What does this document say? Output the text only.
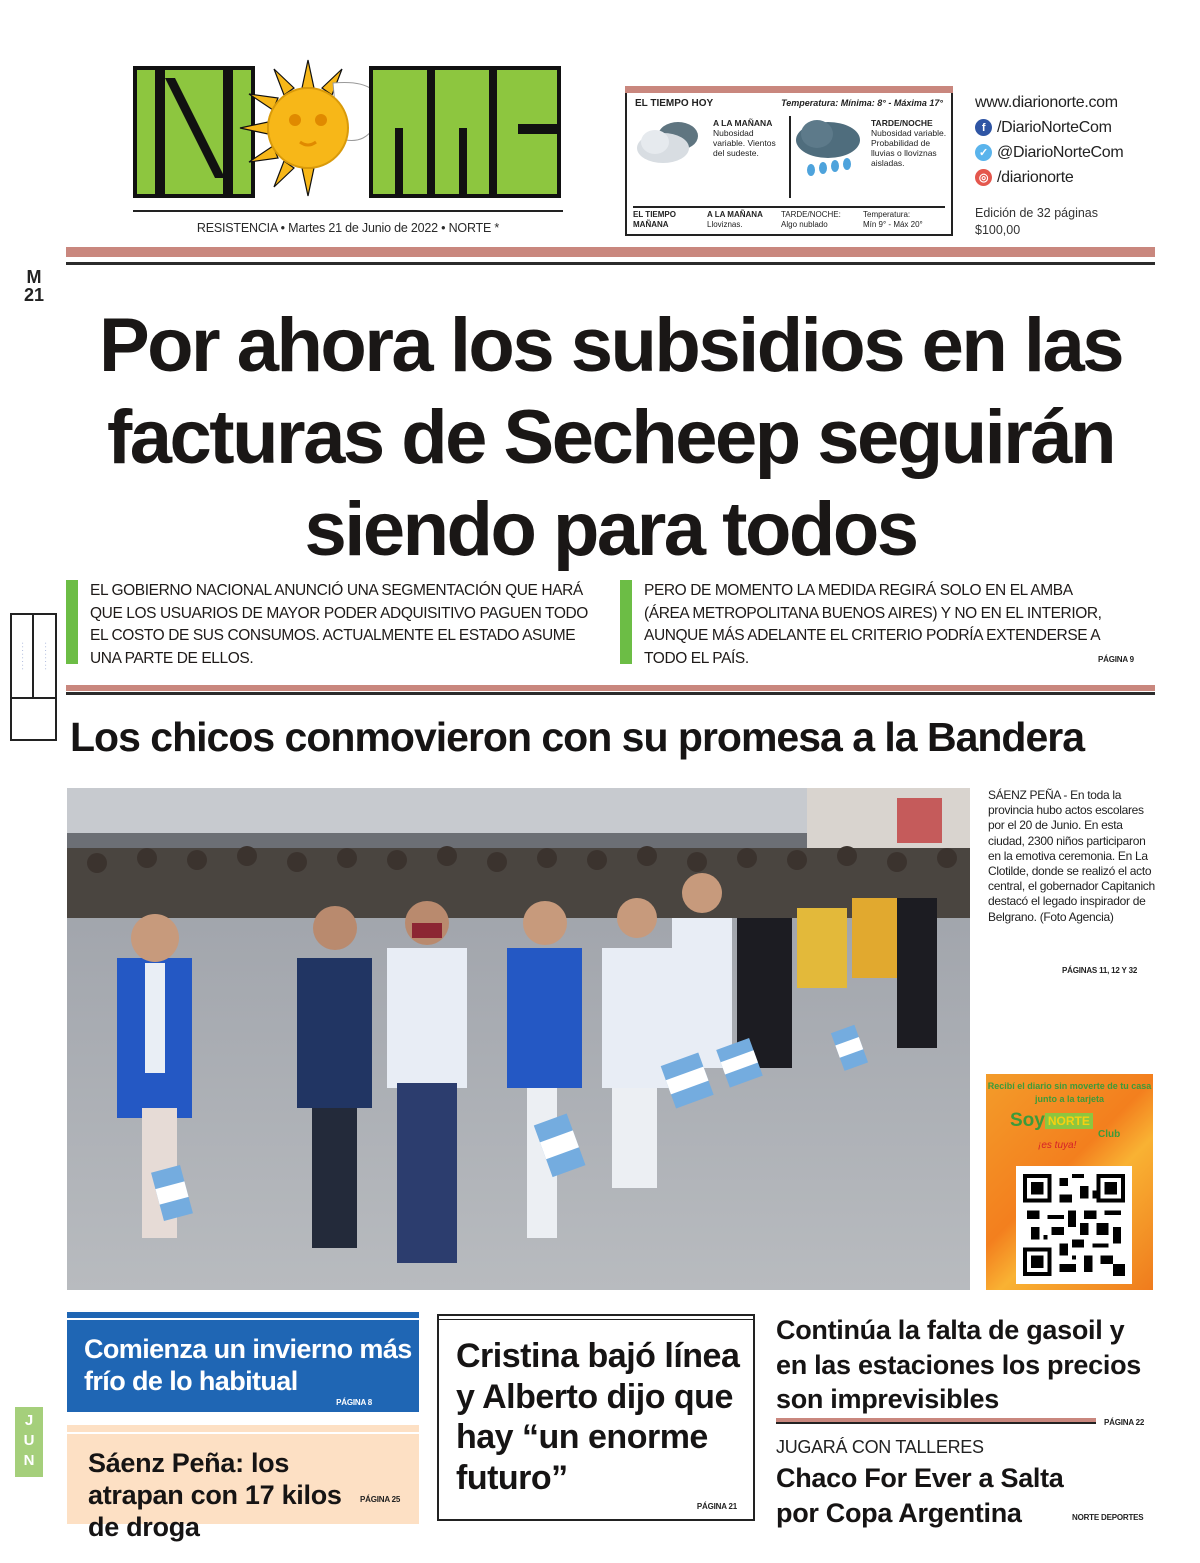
RESISTENCIA • Martes 21 de Junio de 2022 • NORTE *
EL TIEMPO HOY	Temperatura: Mínima: 8° - Máxima 17°
A LA MAÑANA
Nubosidad variable. Vientos del sudeste.
TARDE/NOCHE
Nubosidad variable. Probabilidad de lluvias o lloviznas aisladas.
EL TIEMPO MAÑANA
A LA MAÑANA
Lloviznas.
TARDE/NOCHE:
Algo nublado
Temperatura:
Mín 9° - Máx 20°
www.diarionorte.com
f /DiarioNorteCom
✓ @DiarioNorteCom
◎ /diarionorte
Edición de 32 páginas
$100,00
M
21
· · · · · · · ·	· · · · · · · ·
JUN
Por ahora los subsidios en las facturas de Secheep seguirán siendo para todos
EL GOBIERNO NACIONAL ANUNCIÓ UNA SEGMENTACIÓN QUE HARÁ QUE LOS USUARIOS DE MAYOR PODER ADQUISITIVO PAGUEN TODO EL COSTO DE SUS CONSUMOS. ACTUALMENTE EL ESTADO ASUME UNA PARTE DE ELLOS.
PERO DE MOMENTO LA MEDIDA REGIRÁ SOLO EN EL AMBA (ÁREA METROPOLITANA BUENOS AIRES) Y NO EN EL INTERIOR, AUNQUE MÁS ADELANTE EL CRITERIO PODRÍA EXTENDERSE A TODO EL PAÍS.	PÁGINA 9
Los chicos conmovieron con su promesa a la Bandera
SÁENZ PEÑA - En toda la provincia hubo actos escolares por el 20 de Junio. En esta ciudad, 2300 niños participaron en la emotiva ceremonia. En La Clotilde, donde se realizó el acto central, el gobernador Capitanich destacó el legado inspirador de Belgrano. (Foto Agencia)
PÁGINAS 11, 12 Y 32
Recibí el diario sin moverte de tu casa junto a la tarjeta
Soy NORTE
Club
¡es tuya!
Comienza un invierno más frío de lo habitual
PÁGINA 8
Sáenz Peña: los atrapan con 17 kilos de droga
PÁGINA 25
Cristina bajó línea y Alberto dijo que hay “un enorme futuro”
PÁGINA 21
Continúa la falta de gasoil y en las estaciones los precios son imprevisibles
PÁGINA 22
JUGARÁ CON TALLERES
Chaco For Ever a Salta por Copa Argentina	NORTE DEPORTES
